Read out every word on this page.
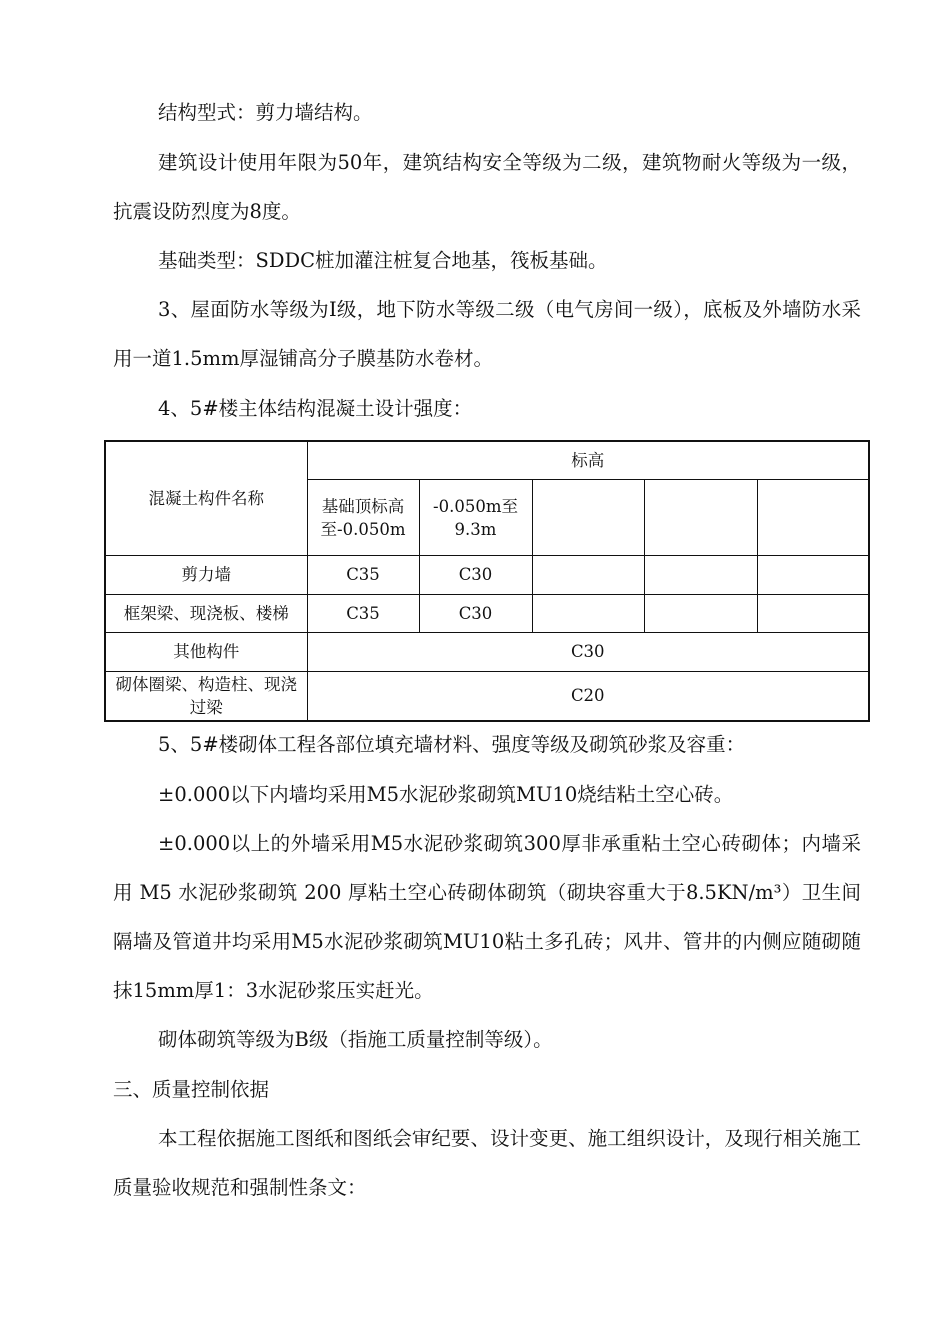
结构型式：剪力墙结构。

建筑设计使用年限为50年，建筑结构安全等级为二级，建筑物耐火等级为一级，抗震设防烈度为8度。

基础类型：SDDC桩加灌注桩复合地基，筏板基础。

3、屋面防水等级为Ⅰ级，地下防水等级二级（电气房间一级），底板及外墙防水采用一道1.5mm厚湿铺高分子膜基防水卷材。

4、5#楼主体结构混凝土设计强度：

混凝土构件名称	标高				
	基础顶标高至-0.050m	-0.050m至9.3m			
剪力墙	C35	C30			
框架梁、现浇板、楼梯	C35	C30			
其他构件	C30				
砌体圈梁、构造柱、现浇过梁	C20				

5、5#楼砌体工程各部位填充墙材料、强度等级及砌筑砂浆及容重：

±0.000以下内墙均采用M5水泥砂浆砌筑MU10烧结粘土空心砖。

±0.000以上的外墙采用M5水泥砂浆砌筑300厚非承重粘土空心砖砌体；内墙采用 M5 水泥砂浆砌筑 200 厚粘土空心砖砌体砌筑（砌块容重大于8.5KN/m³）卫生间隔墙及管道井均采用M5水泥砂浆砌筑MU10粘土多孔砖；风井、管井的内侧应随砌随抹15mm厚1：3水泥砂浆压实赶光。

砌体砌筑等级为B级（指施工质量控制等级）。

三、质量控制依据

本工程依据施工图纸和图纸会审纪要、设计变更、施工组织设计，及现行相关施工质量验收规范和强制性条文：
